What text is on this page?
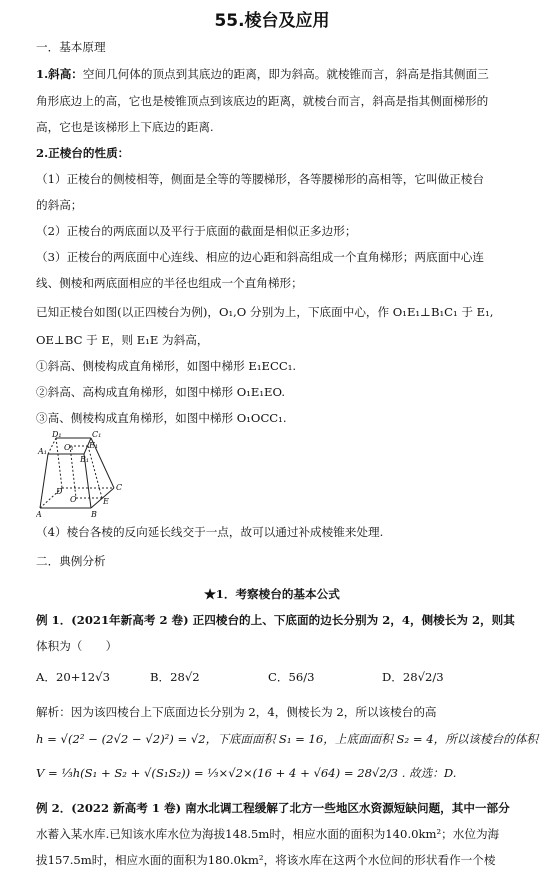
55.棱台及应用
一．基本原理
1.斜高：空间几何体的顶点到其底边的距离，即为斜高。就棱锥而言，斜高是指其侧面三
角形底边上的高，它也是棱锥顶点到该底边的距离，就棱台而言，斜高是指其侧面梯形的
高，它也是该梯形上下底边的距离.
2.正棱台的性质：
（1）正棱台的侧棱相等，侧面是全等的等腰梯形，各等腰梯形的高相等，它叫做正棱台
的斜高；
（2）正棱台的两底面以及平行于底面的截面是相似正多边形；
（3）正棱台的两底面中心连线、相应的边心距和斜高组成一个直角梯形；两底面中心连
线、侧棱和两底面相应的半径也组成一个直角梯形；
已知正棱台如图(以正四棱台为例)，O₁,O 分别为上，下底面中心，作 O₁E₁⊥B₁C₁ 于 E₁,
OE⊥BC 于 E，则 E₁E 为斜高，
①斜高、侧棱构成直角梯形，如图中梯形 E₁ECC₁.
②斜高、高构成直角梯形，如图中梯形 O₁E₁EO.
③高、侧棱构成直角梯形，如图中梯形 O₁OCC₁.
D₁	C₁
A₁
B₁
O₁ E₁
D
O
C
E
A	B
（4）棱台各棱的反向延长线交于一点，故可以通过补成棱锥来处理.
二．典例分析
★1．考察棱台的基本公式
例 1．(2021年新高考 2 卷) 正四棱台的上、下底面的边长分别为 2，4，侧棱长为 2，则其
体积为（　　）
A．20+12√3	B．28√2	C．56/3	D．28√2/3
解析：因为该四棱台上下底面边长分别为 2，4，侧棱长为 2，所以该棱台的高
h = √(2² − (2√2 − √2)²) = √2，下底面面积 S₁ = 16，上底面面积 S₂ = 4，所以该棱台的体积
V = ⅓h(S₁ + S₂ + √(S₁S₂)) = ⅓×√2×(16 + 4 + √64) = 28√2/3 . 故选：D.
例 2．(2022 新高考 1 卷) 南水北调工程缓解了北方一些地区水资源短缺问题，其中一部分
水蓄入某水库.已知该水库水位为海拔148.5m时，相应水面的面积为140.0km²；水位为海
拔157.5m时，相应水面的面积为180.0km²，将该水库在这两个水位间的形状看作一个棱
